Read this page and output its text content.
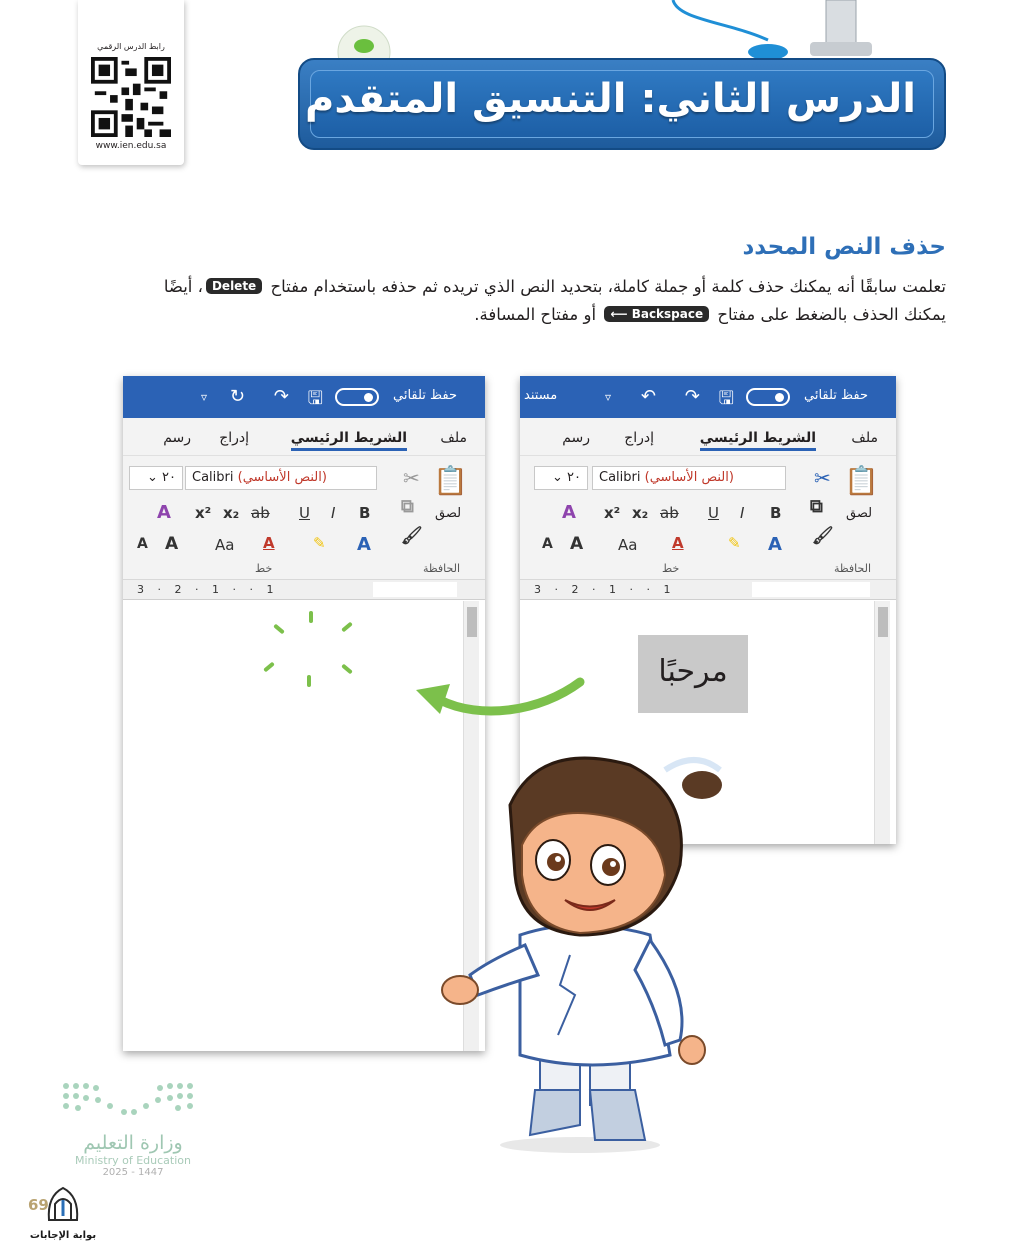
رابط الدرس الرقمي
www.ien.edu.sa
الدرس الثاني: التنسيق المتقدم
حذف النص المحدد
تعلمت سابقًا أنه يمكنك حذف كلمة أو جملة كاملة، بتحديد النص الذي تريده ثم حذفه باستخدام مفتاح Delete، أيضًا
يمكنك الحذف بالضغط على مفتاح ⟵ Backspace أو مفتاح المسافة.
حفظ تلقائي
🖫
↷
↶
▿
مستند
ملف
الشريط الرئيسي
إدراج
رسم
Calibri (النص الأساسي)
٢٠ ⌄	✂
⧉
🖌
📋
لصق
B
I
U
ab
x₂
x²
A
A
✎
A
Aa
A
A
الحافظة
خط
3 · 2 · 1 · · 1
مرحبًا
حفظ تلقائي
🖫
↷
↻
▿
ملف
الشريط الرئيسي
إدراج
رسم
Calibri (النص الأساسي)
٢٠ ⌄	✂
⧉
🖌
📋
لصق
B
I
U
ab
x₂
x²
A
A
✎
A
Aa
A
A
الحافظة
خط
3 · 2 · 1 · · 1
وزارة التعليم
Ministry of Education
2025 - 1447
69
بوابة الإجابات
